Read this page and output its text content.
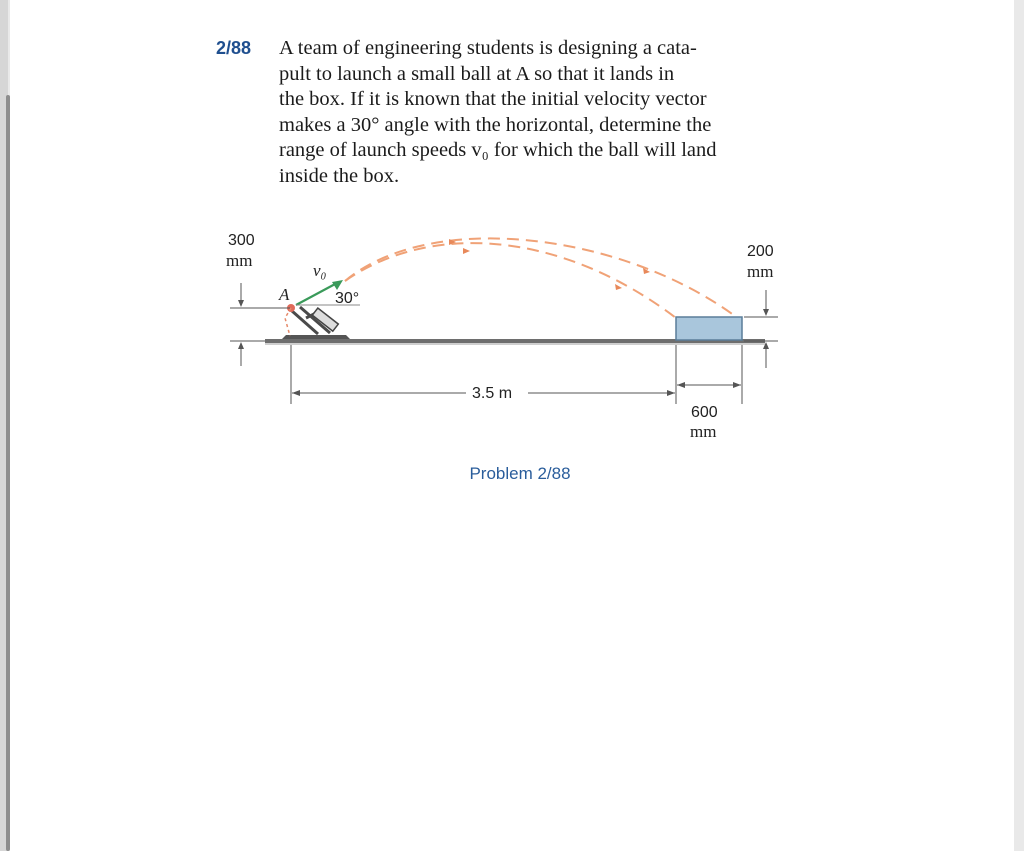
2/88 A team of engineering students is designing a cata-
pult to launch a small ball at A so that it lands in
the box. If it is known that the initial velocity vector
makes a 30° angle with the horizontal, determine the
range of launch speeds v₀ for which the ball will land
inside the box.
Problem 2/88
300
mm	200
mm
v₀
A	30°
3.5 m
600
mm
